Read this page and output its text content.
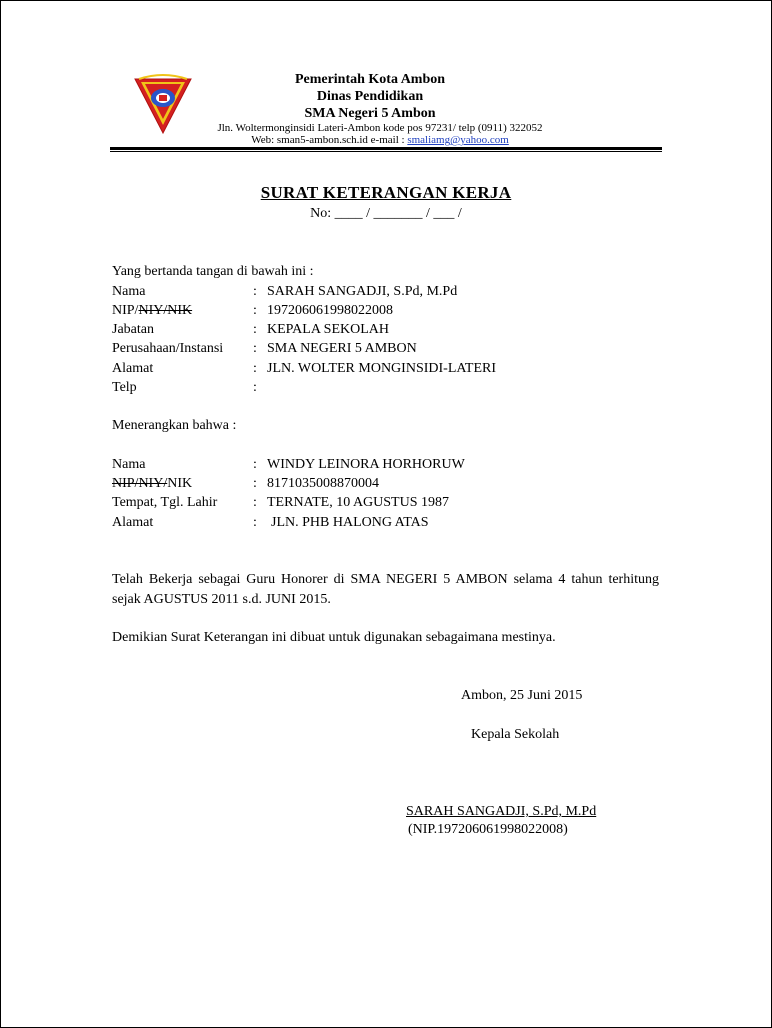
Pemerintah Kota Ambon
Dinas Pendidikan
SMA Negeri 5 Ambon
Jln. Woltermonginsidi Lateri-Ambon kode pos 97231/ telp (0911) 322052
Web: sman5-ambon.sch.id e-mail : smaliamg@yahoo.com
SURAT KETERANGAN KERJA
No: ____ / _______ / ___ /
Yang bertanda tangan di bawah ini :
Nama	: SARAH SANGADJI, S.Pd, M.Pd
NIP/NIY/NIK	: 197206061998022008
Jabatan	: KEPALA SEKOLAH
Perusahaan/Instansi : SMA NEGERI 5 AMBON
Alamat	: JLN. WOLTER MONGINSIDI-LATERI
Telp	:
Menerangkan bahwa :
Nama	: WINDY LEINORA HORHORUW
NIP/NIY/NIK	: 8171035008870004
Tempat, Tgl. Lahir	: TERNATE, 10 AGUSTUS 1987
Alamat	: JLN. PHB HALONG ATAS
Telah Bekerja sebagai Guru Honorer di SMA NEGERI 5 AMBON selama 4 tahun terhitung sejak AGUSTUS 2011 s.d. JUNI 2015.
Demikian Surat Keterangan ini dibuat untuk digunakan sebagaimana mestinya.
Ambon, 25 Juni 2015
Kepala Sekolah
SARAH SANGADJI, S.Pd, M.Pd
(NIP.197206061998022008)
